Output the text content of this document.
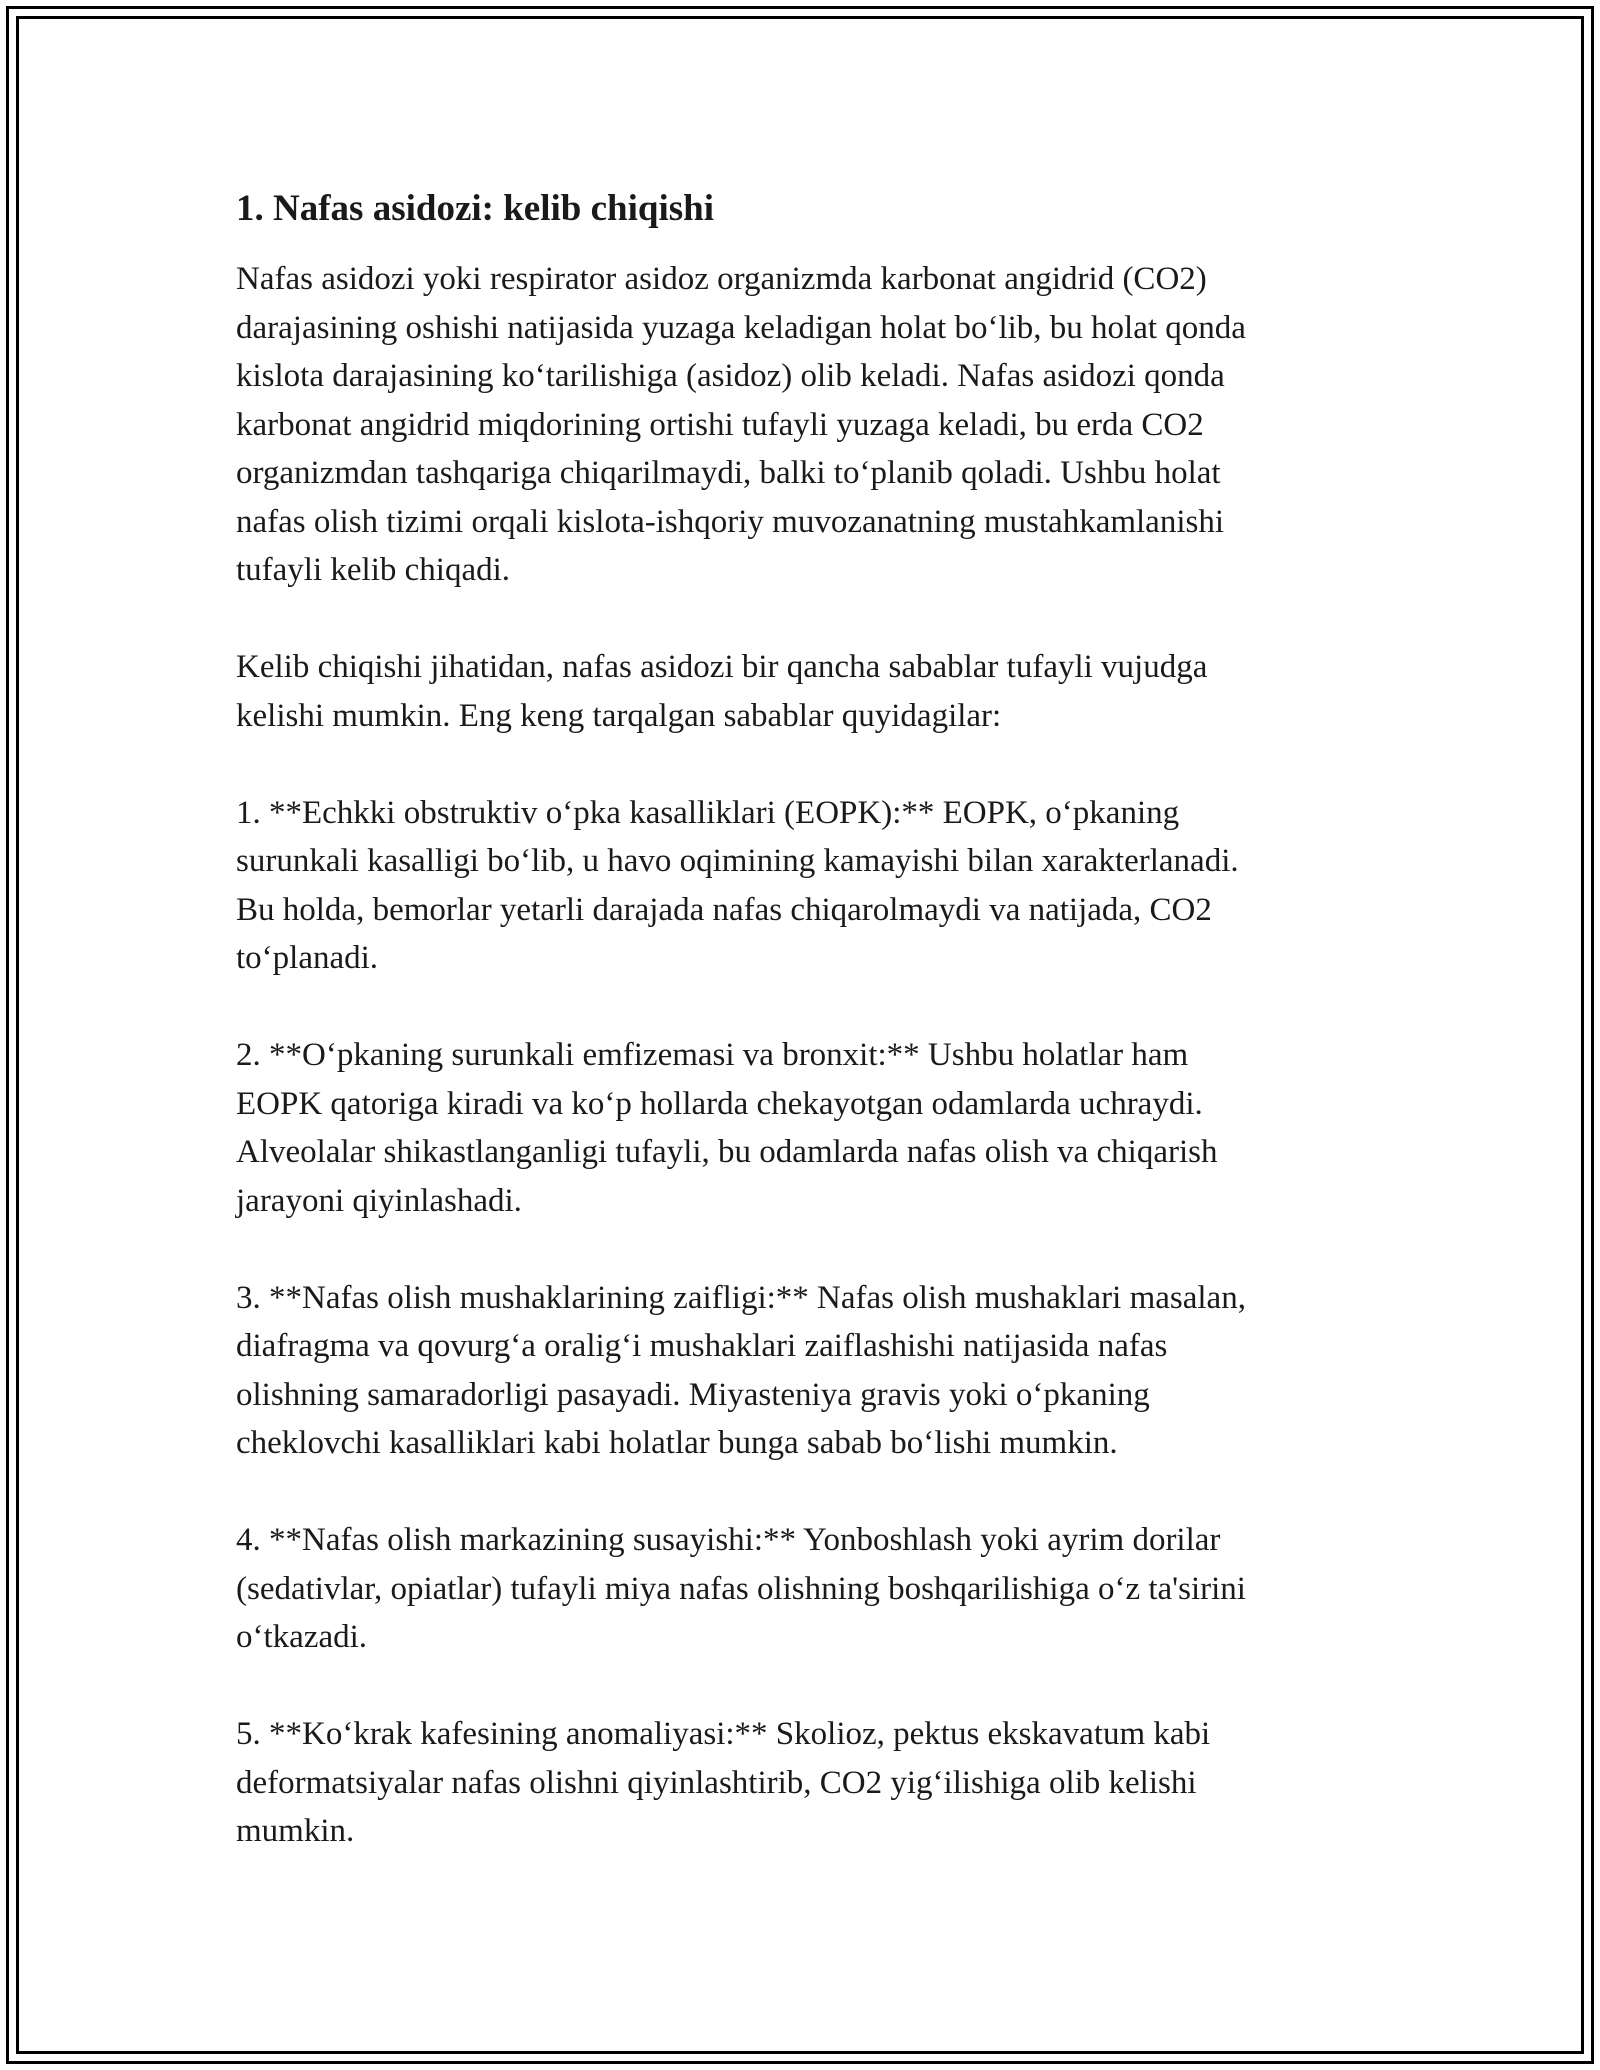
1. Nafas asidozi: kelib chiqishi

Nafas asidozi yoki respirator asidoz organizmda karbonat angidrid (CO2)
darajasining oshishi natijasida yuzaga keladigan holat bo‘lib, bu holat qonda
kislota darajasining ko‘tarilishiga (asidoz) olib keladi. Nafas asidozi qonda
karbonat angidrid miqdorining ortishi tufayli yuzaga keladi, bu erda CO2
organizmdan tashqariga chiqarilmaydi, balki to‘planib qoladi. Ushbu holat
nafas olish tizimi orqali kislota-ishqoriy muvozanatning mustahkamlanishi
tufayli kelib chiqadi.

Kelib chiqishi jihatidan, nafas asidozi bir qancha sabablar tufayli vujudga
kelishi mumkin. Eng keng tarqalgan sabablar quyidagilar:

1. **Echkki obstruktiv o‘pka kasalliklari (EOPK):** EOPK, o‘pkaning
surunkali kasalligi bo‘lib, u havo oqimining kamayishi bilan xarakterlanadi.
Bu holda, bemorlar yetarli darajada nafas chiqarolmaydi va natijada, CO2
to‘planadi.

2. **O‘pkaning surunkali emfizemasi va bronxit:** Ushbu holatlar ham
EOPK qatoriga kiradi va ko‘p hollarda chekayotgan odamlarda uchraydi.
Alveolalar shikastlanganligi tufayli, bu odamlarda nafas olish va chiqarish
jarayoni qiyinlashadi.

3. **Nafas olish mushaklarining zaifligi:** Nafas olish mushaklari masalan,
diafragma va qovurg‘a oralig‘i mushaklari zaiflashishi natijasida nafas
olishning samaradorligi pasayadi. Miyasteniya gravis yoki o‘pkaning
cheklovchi kasalliklari kabi holatlar bunga sabab bo‘lishi mumkin.

4. **Nafas olish markazining susayishi:** Yonboshlash yoki ayrim dorilar
(sedativlar, opiatlar) tufayli miya nafas olishning boshqarilishiga o‘z ta'sirini
o‘tkazadi.

5. **Ko‘krak kafesining anomaliyasi:** Skolioz, pektus ekskavatum kabi
deformatsiyalar nafas olishni qiyinlashtirib, CO2 yig‘ilishiga olib kelishi
mumkin.
